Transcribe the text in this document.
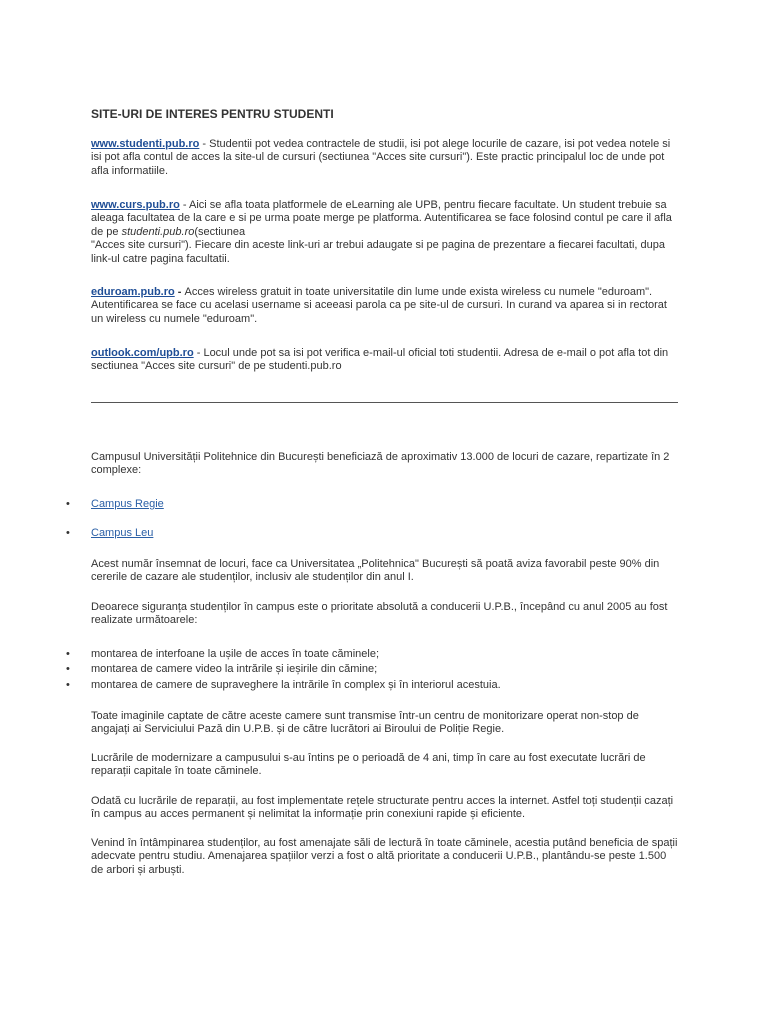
SITE-URI DE INTERES PENTRU STUDENTI

www.studenti.pub.ro - Studentii pot vedea contractele de studii, isi pot alege locurile de cazare, isi pot vedea notele si isi pot afla contul de acces la site-ul de cursuri (sectiunea "Acces site cursuri"). Este practic principalul loc de unde pot afla informatiile.

www.curs.pub.ro - Aici se afla toata platformele de eLearning ale UPB, pentru fiecare facultate. Un student trebuie sa aleaga facultatea de la care e si pe urma poate merge pe platforma. Autentificarea se face folosind contul pe care il afla de pe studenti.pub.ro(sectiunea
"Acces site cursuri"). Fiecare din aceste link-uri ar trebui adaugate si pe pagina de prezentare a fiecarei facultati, dupa link-ul catre pagina facultatii.

eduroam.pub.ro - Acces wireless gratuit in toate universitatile din lume unde exista wireless cu numele "eduroam". Autentificarea se face cu acelasi username si aceeasi parola ca pe site-ul de cursuri. In curand va aparea si in rectorat un wireless cu numele "eduroam".

outlook.com/upb.ro - Locul unde pot sa isi pot verifica e-mail-ul oficial toti studentii. Adresa de e-mail o pot afla tot din sectiunea "Acces site cursuri" de pe studenti.pub.ro

Campusul Universității Politehnice din București beneficiază de aproximativ 13.000 de locuri de cazare, repartizate în 2 complexe:

• Campus Regie
• Campus Leu

Acest număr însemnat de locuri, face ca Universitatea „Politehnica" București să poată aviza favorabil peste 90% din cererile de cazare ale studenților, inclusiv ale studenților din anul I.

Deoarece siguranța studenților în campus este o prioritate absolută a conducerii U.P.B., începând cu anul 2005 au fost realizate următoarele:

• montarea de interfoane la ușile de acces în toate căminele;
• montarea de camere video la intrările și ieșirile din cămine;
• montarea de camere de supraveghere la intrările în complex și în interiorul acestuia.

Toate imaginile captate de către aceste camere sunt transmise într-un centru de monitorizare operat non-stop de angajați ai Serviciului Pază din U.P.B. și de către lucrători ai Biroului de Poliție Regie.

Lucrările de modernizare a campusului s-au întins pe o perioadă de 4 ani, timp în care au fost executate lucrări de reparații capitale în toate căminele.

Odată cu lucrările de reparații, au fost implementate rețele structurate pentru acces la internet. Astfel toți studenții cazați în campus au acces permanent și nelimitat la informație prin conexiuni rapide și eficiente.

Venind în întâmpinarea studenților, au fost amenajate săli de lectură în toate căminele, acestia putând beneficia de spații adecvate pentru studiu. Amenajarea spațiilor verzi a fost o altă prioritate a conducerii U.P.B., plantându-se peste 1.500 de arbori și arbuști.
